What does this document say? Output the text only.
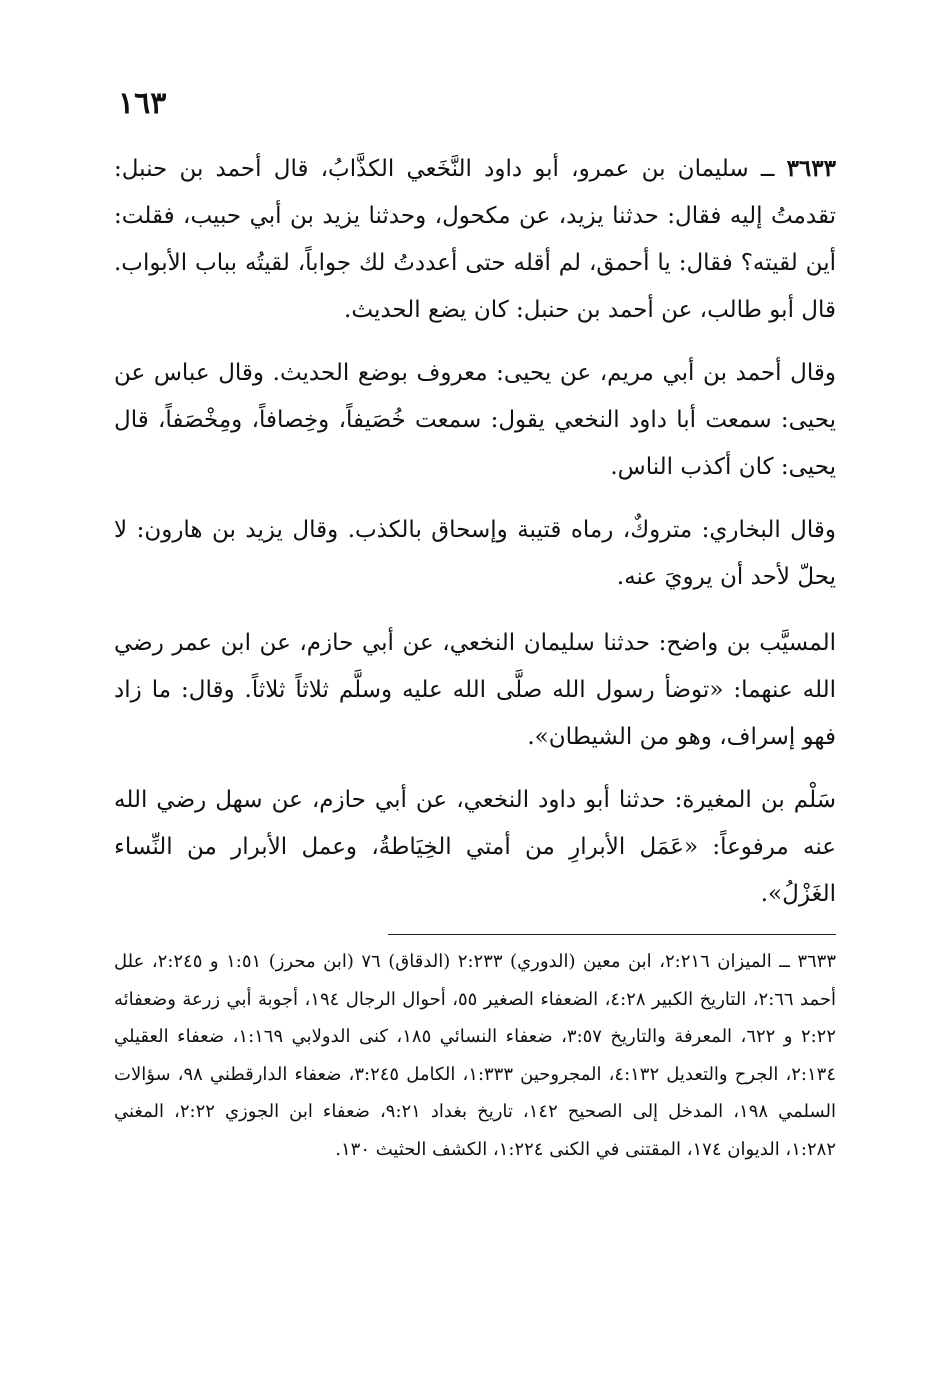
١٦٣

٣٦٣٣ ــ سليمان بن عمرو، أبو داود النَّخَعي الكذَّابُ، قال أحمد بن حنبل: تقدمتُ إليه فقال: حدثنا يزيد، عن مكحول، وحدثنا يزيد بن أبي حبيب، فقلت: أين لقيته؟ فقال: يا أحمق، لم أقله حتى أعددتُ لك جواباً، لقيتُه بباب الأبواب. قال أبو طالب، عن أحمد بن حنبل: كان يضع الحديث.

وقال أحمد بن أبي مريم، عن يحيى: معروف بوضع الحديث. وقال عباس عن يحيى: سمعت أبا داود النخعي يقول: سمعت خُصَيفاً، وخِصافاً، ومِخْصَفاً، قال يحيى: كان أكذب الناس.

وقال البخاري: متروكٌ، رماه قتيبة وإسحاق بالكذب. وقال يزيد بن هارون: لا يحلّ لأحد أن يرويَ عنه.

المسيَّب بن واضح: حدثنا سليمان النخعي، عن أبي حازم، عن ابن عمر رضي الله عنهما: «توضأ رسول الله صلَّى الله عليه وسلَّم ثلاثاً ثلاثاً. وقال: ما زاد فهو إسراف، وهو من الشيطان».

سَلْم بن المغيرة: حدثنا أبو داود النخعي، عن أبي حازم، عن سهل رضي الله عنه مرفوعاً: «عَمَل الأبرارِ من أمتي الخِيَاطةُ، وعمل الأبرار من النِّساء الغَزْلُ».

٣٦٣٣ ــ الميزان ٢:٢١٦، ابن معين (الدوري) ٢:٢٣٣ (الدقاق) ٧٦ (ابن محرز) ١:٥١ و ٢:٢٤٥، علل أحمد ٢:٦٦، التاريخ الكبير ٤:٢٨، الضعفاء الصغير ٥٥، أحوال الرجال ١٩٤، أجوبة أبي زرعة وضعفائه ٢:٢٢ و ٦٢٢، المعرفة والتاريخ ٣:٥٧، ضعفاء النسائي ١٨٥، كنى الدولابي ١:١٦٩، ضعفاء العقيلي ٢:١٣٤، الجرح والتعديل ٤:١٣٢، المجروحين ١:٣٣٣، الكامل ٣:٢٤٥، ضعفاء الدارقطني ٩٨، سؤالات السلمي ١٩٨، المدخل إلى الصحيح ١٤٢، تاريخ بغداد ٩:٢١، ضعفاء ابن الجوزي ٢:٢٢، المغني ١:٢٨٢، الديوان ١٧٤، المقتنى في الكنى ١:٢٢٤، الكشف الحثيث ١٣٠.
